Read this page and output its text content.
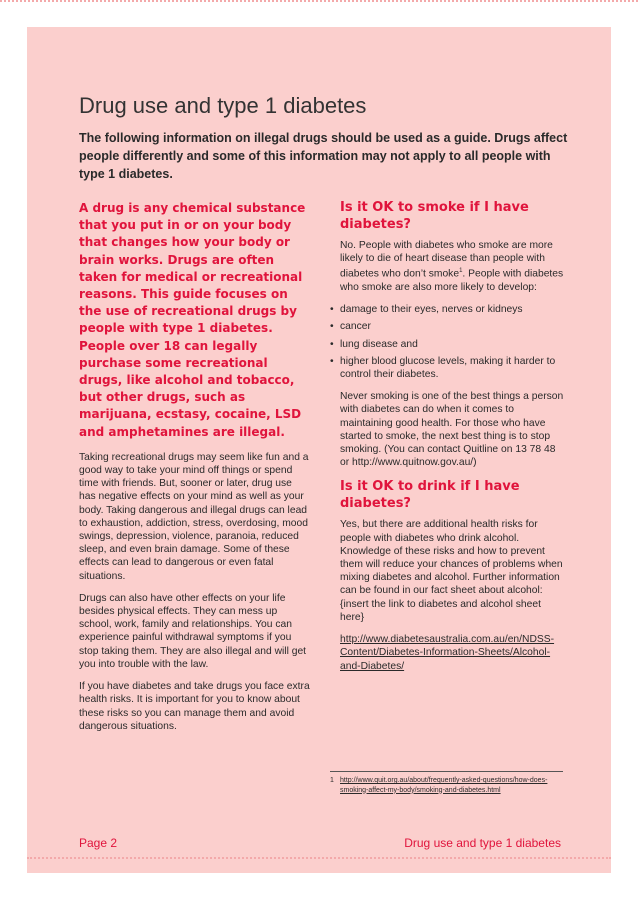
Drug use and type 1 diabetes

The following information on illegal drugs should be used as a guide. Drugs affect people differently and some of this information may not apply to all people with type 1 diabetes.

A drug is any chemical substance that you put in or on your body that changes how your body or brain works. Drugs are often taken for medical or recreational reasons. This guide focuses on the use of recreational drugs by people with type 1 diabetes. People over 18 can legally purchase some recreational drugs, like alcohol and tobacco, but other drugs, such as marijuana, ecstasy, cocaine, LSD and amphetamines are illegal.

Taking recreational drugs may seem like fun and a good way to take your mind off things or spend time with friends. But, sooner or later, drug use has negative effects on your mind as well as your body. Taking dangerous and illegal drugs can lead to exhaustion, addiction, stress, overdosing, mood swings, depression, violence, paranoia, reduced sleep, and even brain damage. Some of these effects can lead to dangerous or even fatal situations.

Drugs can also have other effects on your life besides physical effects. They can mess up school, work, family and relationships. You can experience painful withdrawal symptoms if you stop taking them. They are also illegal and will get you into trouble with the law.

If you have diabetes and take drugs you face extra health risks. It is important for you to know about these risks so you can manage them and avoid dangerous situations.

Is it OK to smoke if I have diabetes?

No. People with diabetes who smoke are more likely to die of heart disease than people with diabetes who don’t smoke$^1$. People with diabetes who smoke are also more likely to develop:

• damage to their eyes, nerves or kidneys
• cancer
• lung disease and
• higher blood glucose levels, making it harder to control their diabetes.

Never smoking is one of the best things a person with diabetes can do when it comes to maintaining good health. For those who have started to smoke, the next best thing is to stop smoking. (You can contact Quitline on 13 78 48 or http://www.quitnow.gov.au/)

Is it OK to drink if I have diabetes?

Yes, but there are additional health risks for people with diabetes who drink alcohol. Knowledge of these risks and how to prevent them will reduce your chances of problems when mixing diabetes and alcohol. Further information can be found in our fact sheet about alcohol: {insert the link to diabetes and alcohol sheet here}

http://www.diabetesaustralia.com.au/en/NDSS-Content/Diabetes-Information-Sheets/Alcohol-and-Diabetes/

1 http://www.quit.org.au/about/frequently-asked-questions/how-does-smoking-affect-my-body/smoking-and-diabetes.html
Page 2	Drug use and type 1 diabetes
